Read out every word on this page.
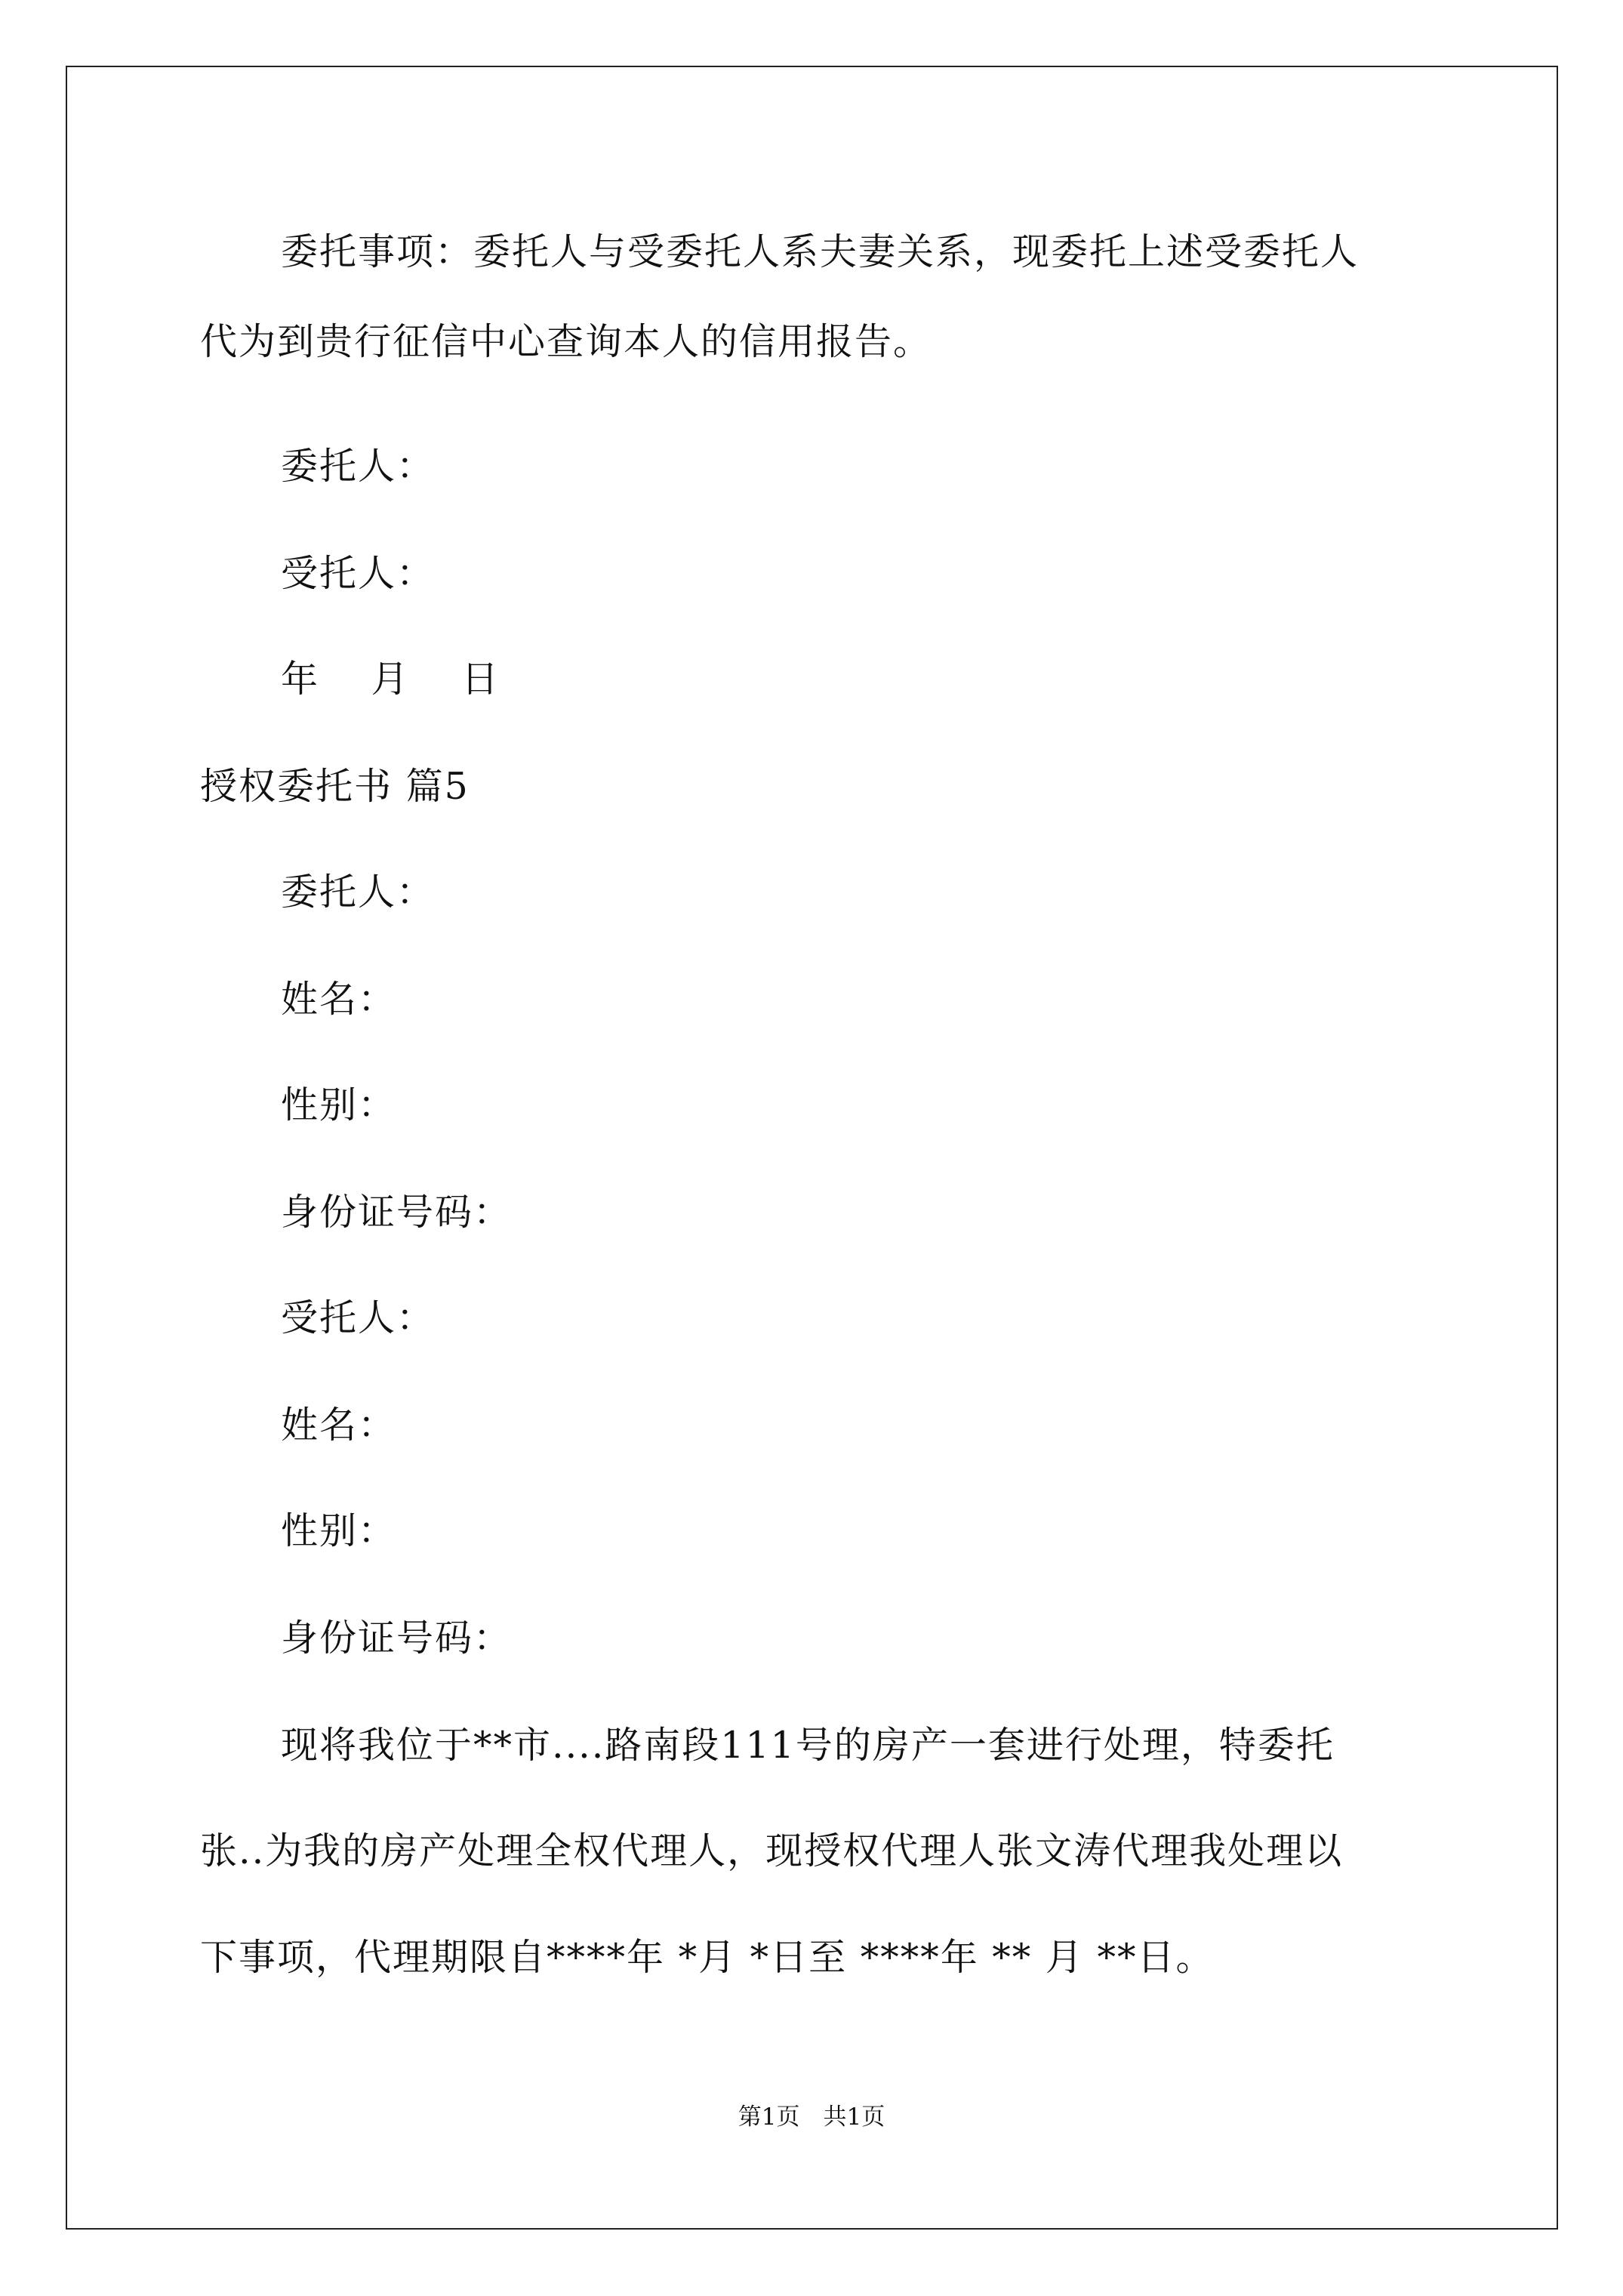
委托事项：委托人与受委托人系夫妻关系，现委托上述受委托人
代为到贵行征信中心查询本人的信用报告。
委托人：
受托人：
年　 月　 日
授权委托书 篇5
委托人：
姓名：
性别：
身份证号码：
受托人：
姓名：
性别：
身份证号码：
现将我位于**市....路南段111号的房产一套进行处理，特委托
张..为我的房产处理全权代理人，现授权代理人张文涛代理我处理以
下事项，代理期限自****年 *月 *日至 ****年 ** 月 **日。
第1页　共1页
